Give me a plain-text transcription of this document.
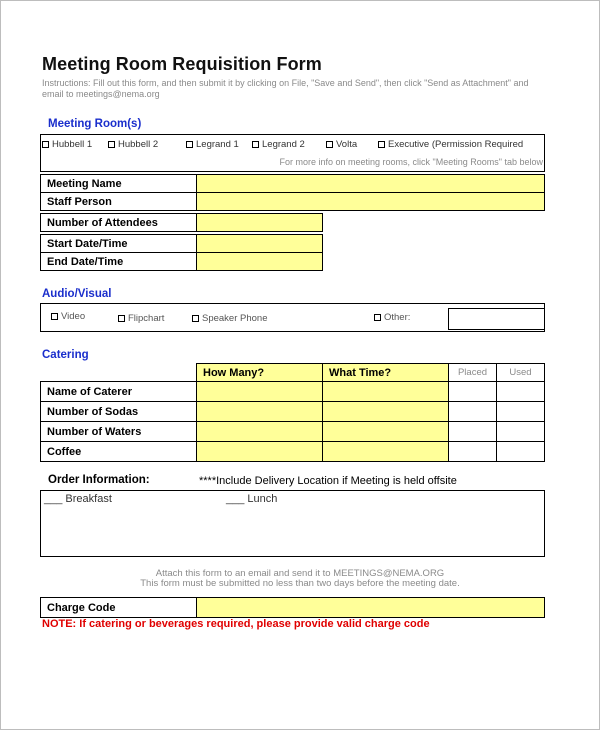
Meeting Room Requisition Form
Instructions: Fill out this form, and then submit it by clicking on File, "Save and Send", then click "Send as Attachment" and email to meetings@nema.org
Meeting Room(s)
Hubbell 1	Hubbell 2	Legrand 1	Legrand 2	Volta	Executive (Permission Required
For more info on meeting rooms, click "Meeting Rooms" tab below
Meeting Name	
Staff Person	
Number of Attendees	
Start Date/Time	
End Date/Time	
Audio/Visual
Video	Flipchart	Speaker Phone	Other:
Catering
	How Many?	What Time?	Placed	Used
Name of Caterer				
Number of Sodas				
Number of Waters				
Coffee				
Order Information:	****Include Delivery Location if Meeting is held offsite
___ Breakfast	___ Lunch
Attach this form to an email and send it to MEETINGS@NEMA.ORG
This form must be submitted no less than two days before the meeting date.
Charge Code	
NOTE: If catering or beverages required, please provide valid charge code
